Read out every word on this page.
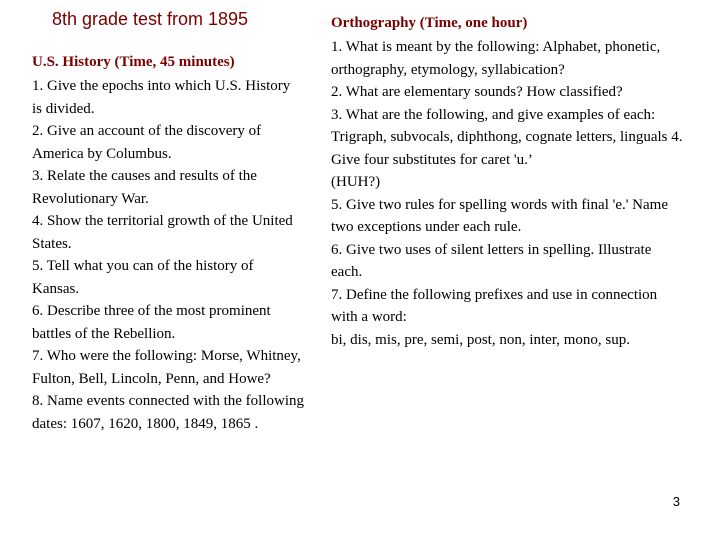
8th grade test from 1895
U.S. History (Time, 45 minutes)

1. Give the epochs into which U.S. History is divided.

2. Give an account of the discovery of America by Columbus.

3. Relate the causes and results of the Revolutionary War.

4. Show the territorial growth of the United States.

5. Tell what you can of the history of Kansas.

6. Describe three of the most prominent battles of the Rebellion.

7. Who were the following: Morse, Whitney, Fulton, Bell, Lincoln, Penn, and Howe?

8. Name events connected with the following dates: 1607, 1620, 1800, 1849, 1865 .

Orthography (Time, one hour)

1. What is meant by the following: Alphabet, phonetic, orthography, etymology, syllabication?

2. What are elementary sounds? How classified?

3. What are the following, and give examples of each: Trigraph, subvocals, diphthong, cognate letters, linguals 4.

Give four substitutes for caret 'u.’

(HUH?)

5. Give two rules for spelling words with final 'e.' Name two exceptions under each rule.

6. Give two uses of silent letters in spelling. Illustrate each.

7. Define the following prefixes and use in connection with a word:

bi, dis, mis, pre, semi, post, non, inter, mono, sup.

3
